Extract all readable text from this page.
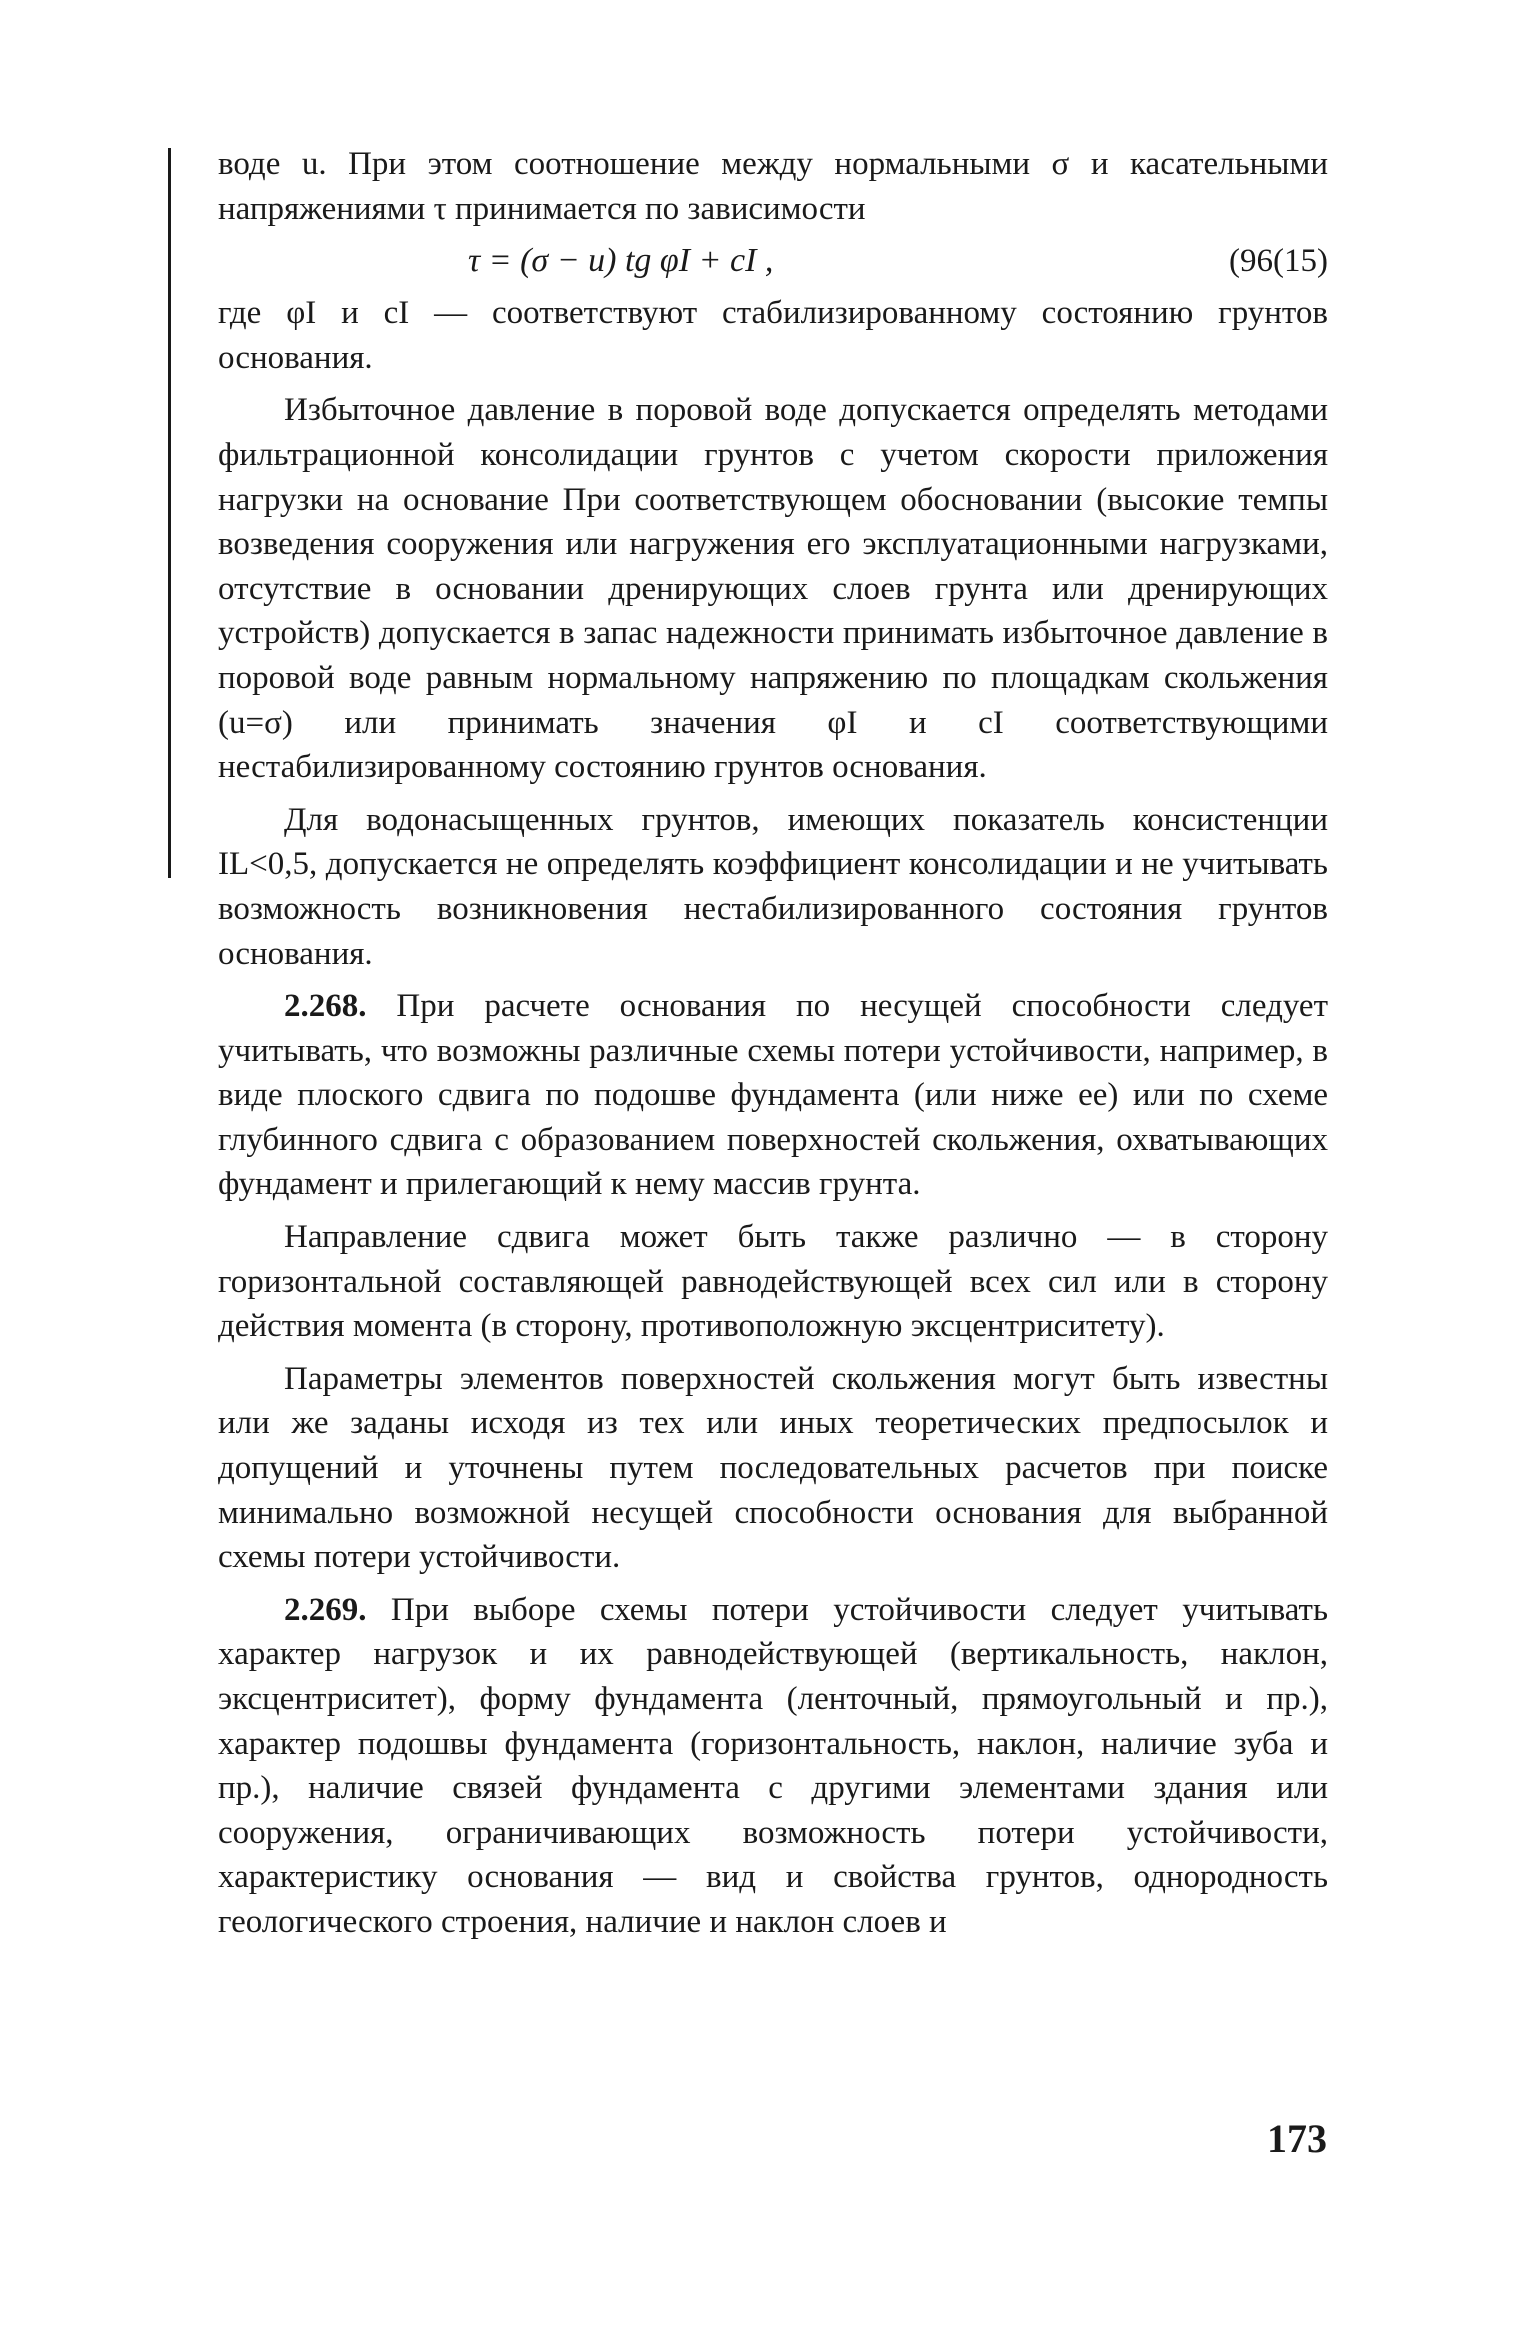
воде u. При этом соотношение между нормальными σ и касательными напряжениями τ принимается по зависимости

τ = (σ − u) tg φI + cI ,	(96(15)

где φI и cI — соответствуют стабилизированному состоянию грунтов основания.

Избыточное давление в поровой воде допускается определять методами фильтрационной консолидации грунтов с учетом скорости приложения нагрузки на основание При соответствующем обосновании (высокие темпы возведения сооружения или нагружения его эксплуатационными нагрузками, отсутствие в основании дренирующих слоев грунта или дренирующих устройств) допускается в запас надежности принимать избыточное давление в поровой воде равным нормальному напряжению по площадкам скольжения (u=σ) или принимать значения φI и cI соответствующими нестабилизированному состоянию грунтов основания.

Для водонасыщенных грунтов, имеющих показатель консистенции IL<0,5, допускается не определять коэффициент консолидации и не учитывать возможность возникновения нестабилизированного состояния грунтов основания.

2.268. При расчете основания по несущей способности следует учитывать, что возможны различные схемы потери устойчивости, например, в виде плоского сдвига по подошве фундамента (или ниже ее) или по схеме глубинного сдвига с образованием поверхностей скольжения, охватывающих фундамент и прилегающий к нему массив грунта.

Направление сдвига может быть также различно — в сторону горизонтальной составляющей равнодействующей всех сил или в сторону действия момента (в сторону, противоположную эксцентриситету).

Параметры элементов поверхностей скольжения могут быть известны или же заданы исходя из тех или иных теоретических предпосылок и допущений и уточнены путем последовательных расчетов при поиске минимально возможной несущей способности основания для выбранной схемы потери устойчивости.

2.269. При выборе схемы потери устойчивости следует учитывать характер нагрузок и их равнодействующей (вертикальность, наклон, эксцентриситет), форму фундамента (ленточный, прямоугольный и пр.), характер подошвы фундамента (горизонтальность, наклон, наличие зуба и пр.), наличие связей фундамента с другими элементами здания или сооружения, ограничивающих возможность потери устойчивости, характеристику основания — вид и свойства грунтов, однородность геологического строения, наличие и наклон слоев и

173
